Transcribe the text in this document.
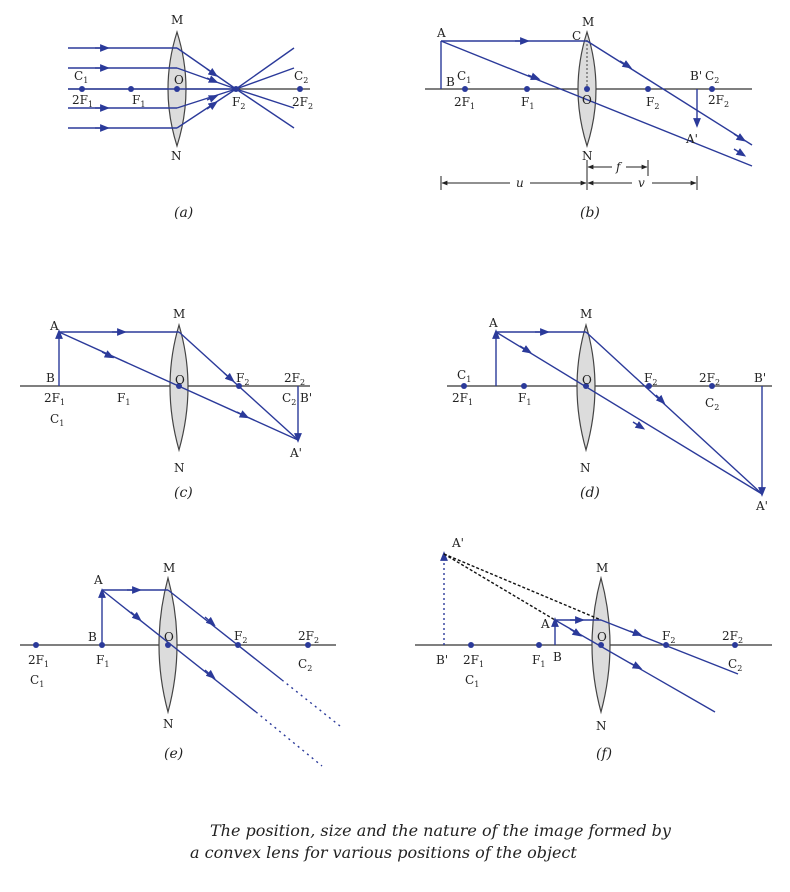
M
N
O
$C_1$
$2F_1$	$F_1$	$F_2$
$C_2$
$2F_2$
(a)
A
B
C
M
N
O
$C_1$
$2F_1$	$F_1$	$F_2$
B' $C_2$
$2F_2$
A'
u
f
v
(b)
A
B
M
N
O
$2F_1$
$C_1$
$F_1$
$F_2$	$2F_2$
$C_2$ B'
A'
(c)
A
M
N
O
$C_1$
$2F_1$	$F_1$
$F_2$	$2F_2$
$C_2$
B'
A'
(d)
A
B
M
N
O
$2F_1$
$C_1$
$F_1$
$F_2$	$2F_2$
$C_2$
(e)
A'
A
B
M
N
O
B' $2F_1$
$C_1$
$F_1$
$F_2$	$2F_2$
$C_2$
(f)
The position, size and the nature of the image formed by
a convex lens for various positions of the object
